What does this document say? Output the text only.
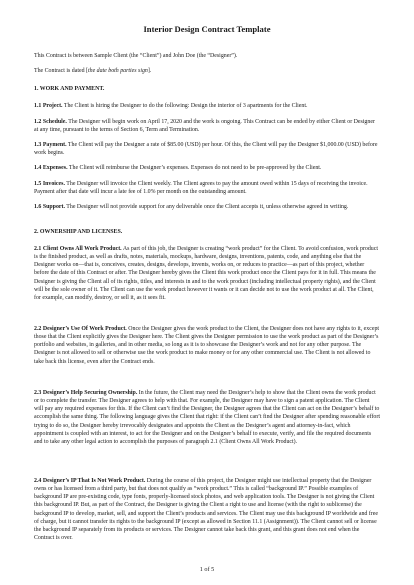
Interior Design Contract Template

This Contract is between Sample Client (the “Client”) and John Doe (the “Designer”).

The Contract is dated [the date both parties sign].

1. WORK AND PAYMENT.

1.1 Project. The Client is hiring the Designer to do the following: Design the interior of 3 apartments for the Client.

1.2 Schedule. The Designer will begin work on April 17, 2020 and the work is ongoing. This Contract can be ended by either Client or Designer at any time, pursuant to the terms of Section 6, Term and Termination.

1.3 Payment. The Client will pay the Designer a rate of $85.00 (USD) per hour. Of this, the Client will pay the Designer $1,000.00 (USD) before work begins.

1.4 Expenses. The Client will reimburse the Designer’s expenses. Expenses do not need to be pre-approved by the Client.

1.5 Invoices. The Designer will invoice the Client weekly. The Client agrees to pay the amount owed within 15 days of receiving the invoice. Payment after that date will incur a late fee of 1.0% per month on the outstanding amount.

1.6 Support. The Designer will not provide support for any deliverable once the Client accepts it, unless otherwise agreed in writing.

2. OWNERSHIP AND LICENSES.

2.1 Client Owns All Work Product. As part of this job, the Designer is creating “work product” for the Client. To avoid confusion, work product is the finished product, as well as drafts, notes, materials, mockups, hardware, designs, inventions, patents, code, and anything else that the Designer works on—that is, conceives, creates, designs, develops, invents, works on, or reduces to practice—as part of this project, whether before the date of this Contract or after. The Designer hereby gives the Client this work product once the Client pays for it in full. This means the Designer is giving the Client all of its rights, titles, and interests in and to the work product (including intellectual property rights), and the Client will be the sole owner of it. The Client can use the work product however it wants or it can decide not to use the work product at all. The Client, for example, can modify, destroy, or sell it, as it sees fit.

2.2 Designer’s Use Of Work Product. Once the Designer gives the work product to the Client, the Designer does not have any rights to it, except those that the Client explicitly gives the Designer here. The Client gives the Designer permission to use the work product as part of the Designer’s portfolio and websites, in galleries, and in other media, so long as it is to showcase the Designer’s work and not for any other purpose. The Designer is not allowed to sell or otherwise use the work product to make money or for any other commercial use. The Client is not allowed to take back this license, even after the Contract ends.

2.3 Designer’s Help Securing Ownership. In the future, the Client may need the Designer’s help to show that the Client owns the work product or to complete the transfer. The Designer agrees to help with that. For example, the Designer may have to sign a patent application. The Client will pay any required expenses for this. If the Client can’t find the Designer, the Designer agrees that the Client can act on the Designer’s behalf to accomplish the same thing. The following language gives the Client that right: if the Client can’t find the Designer after spending reasonable effort trying to do so, the Designer hereby irrevocably designates and appoints the Client as the Designer’s agent and attorney-in-fact, which appointment is coupled with an interest, to act for the Designer and on the Designer’s behalf to execute, verify, and file the required documents and to take any other legal action to accomplish the purposes of paragraph 2.1 (Client Owns All Work Product).

2.4 Designer’s IP That Is Not Work Product. During the course of this project, the Designer might use intellectual property that the Designer owns or has licensed from a third party, but that does not qualify as “work product.” This is called “background IP.” Possible examples of background IP are pre-existing code, type fonts, properly-licensed stock photos, and web application tools. The Designer is not giving the Client this background IP. But, as part of the Contract, the Designer is giving the Client a right to use and license (with the right to sublicense) the background IP to develop, market, sell, and support the Client’s products and services. The Client may use this background IP worldwide and free of charge, but it cannot transfer its rights to the background IP (except as allowed in Section 11.1 (Assignment)). The Client cannot sell or license the background IP separately from its products or services. The Designer cannot take back this grant, and this grant does not end when the Contract is over.

1 of 5
